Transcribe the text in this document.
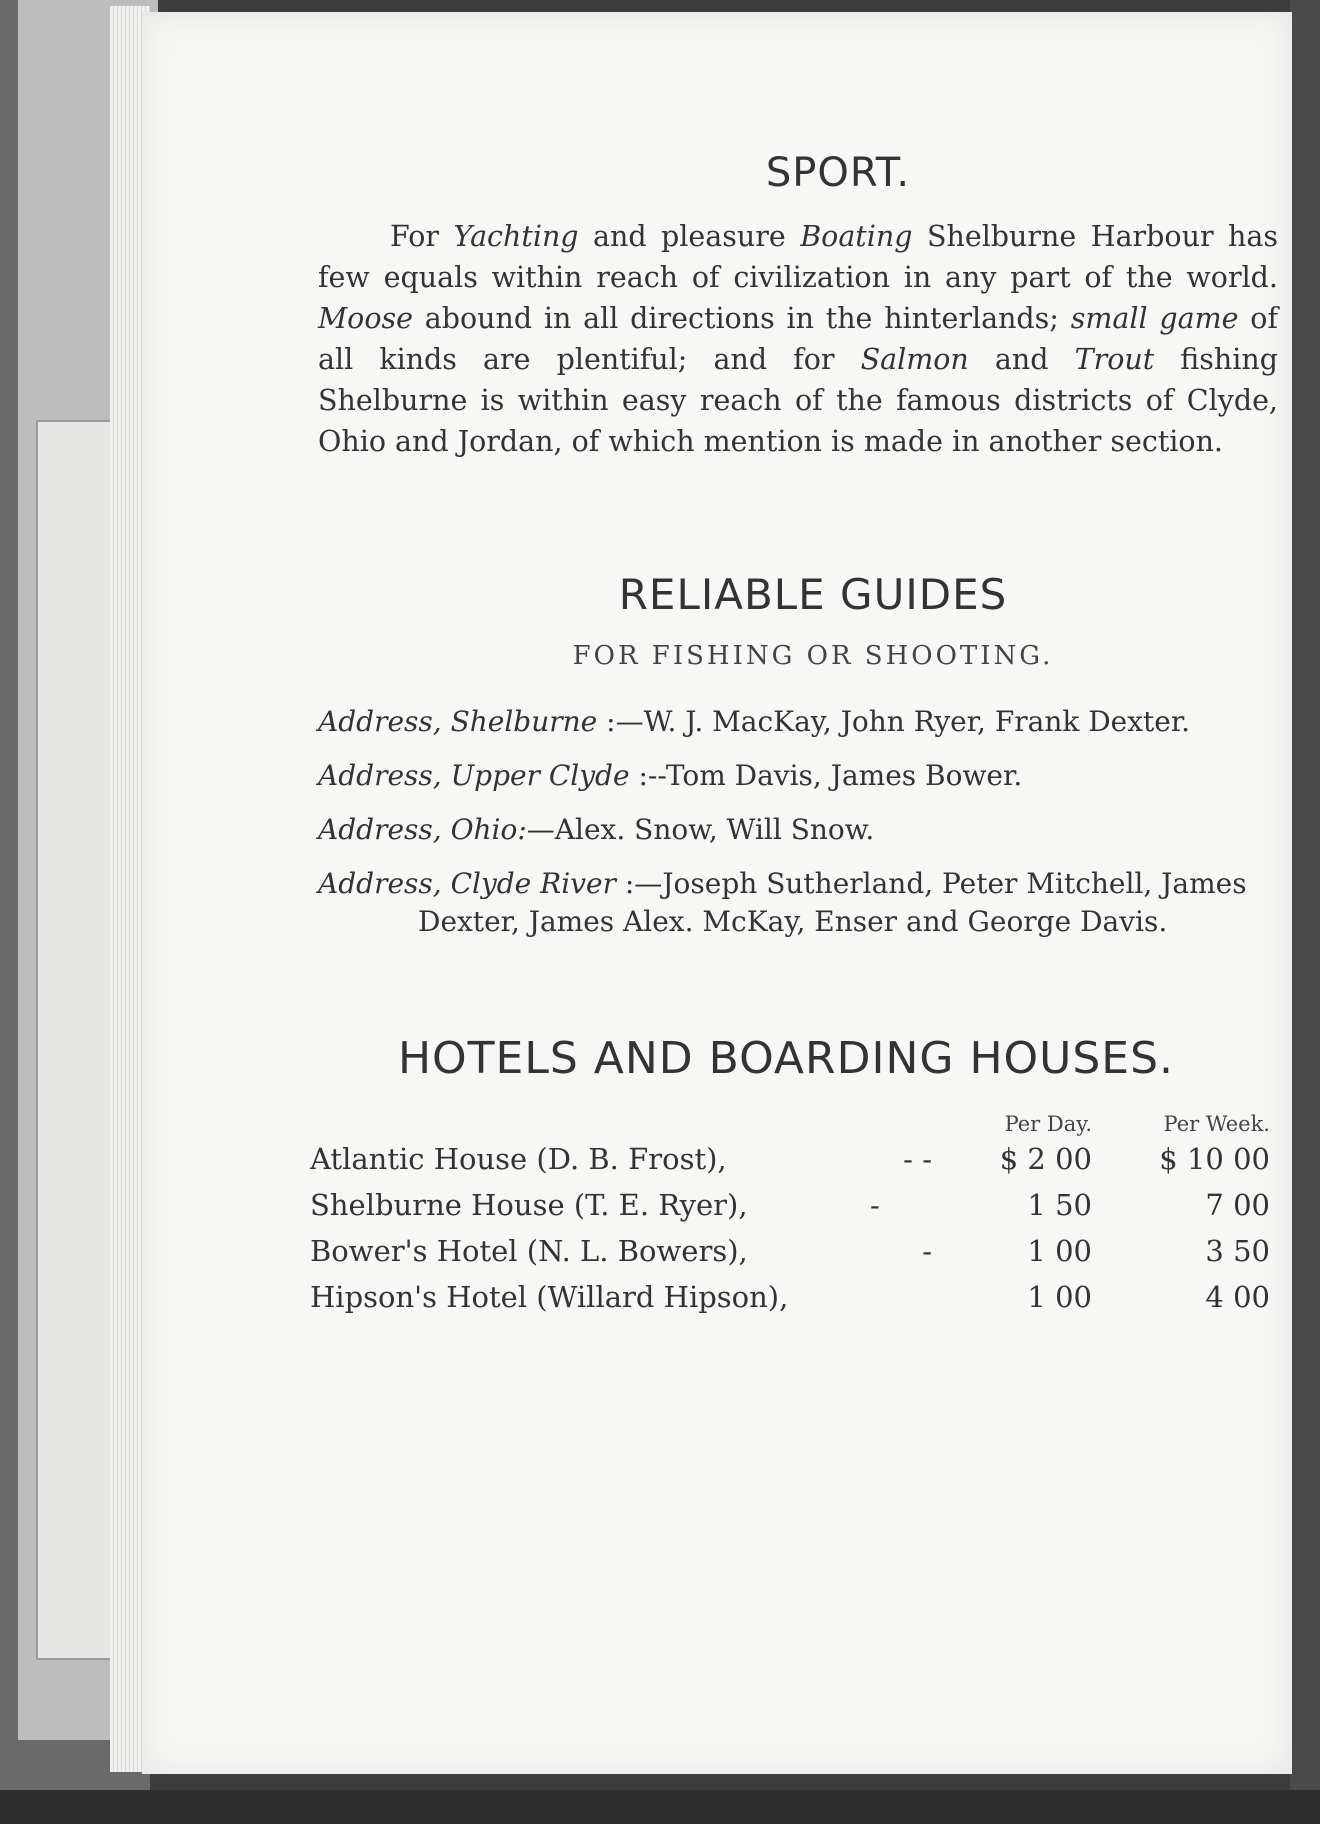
SPORT.

For Yachting and pleasure Boating Shelburne Harbour has few equals within reach of civilization in any part of the world. Moose abound in all directions in the hinterlands; small game of all kinds are plentiful; and for Salmon and Trout fishing Shelburne is within easy reach of the famous districts of Clyde, Ohio and Jordan, of which mention is made in another section.

RELIABLE GUIDES
FOR FISHING OR SHOOTING.
Address, Shelburne :—W. J. MacKay, John Ryer, Frank Dexter.
Address, Upper Clyde :--Tom Davis, James Bower.
Address, Ohio:—Alex. Snow, Will Snow.
Address, Clyde River :—Joseph Sutherland, Peter Mitchell, James Dexter, James Alex. McKay, Enser and George Davis.
HOTELS AND BOARDING HOUSES.
		Per Day.	Per Week.
Atlantic House (D. B. Frost),	- -	$ 2 00	$ 10 00
Shelburne House (T. E. Ryer),	-	1 50	7 00
Bower's Hotel (N. L. Bowers),	-	1 00	3 50
Hipson's Hotel (Willard Hipson),		1 00	4 00
